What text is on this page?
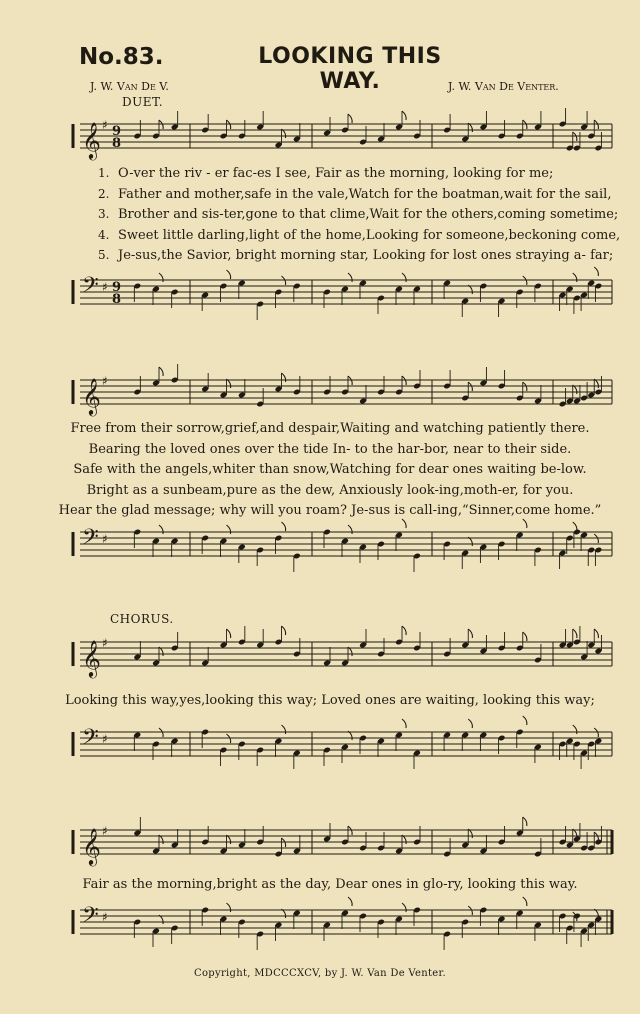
No.83.	LOOKING THIS WAY.
J. W. Van De V.	J. W. Van De Venter.
DUET.
𝄞 ♯ 9
8
1. O-ver the riv - er fac-es I see, Fair as the morning, looking for me;
2. Father and mother,safe in the vale,Watch for the boatman,wait for the sail,
3. Brother and sis-ter,gone to that clime,Wait for the others,coming sometime;
4. Sweet little darling,light of the home,Looking for someone,beckoning come,
5. Je-sus,the Savior, bright morning star, Looking for lost ones straying a- far;
𝄢 ♯ 9
8
𝄞 ♯
Free from their sorrow,grief,and despair,Waiting and watching patiently there.
Bearing the loved ones over the tide In- to the har-bor, near to their side.
Safe with the angels,whiter than snow,Watching for dear ones waiting be-low.
Bright as a sunbeam,pure as the dew, Anxiously look-ing,moth-er, for you.
Hear the glad message; why will you roam? Je-sus is call-ing,“Sinner,come home.”
𝄢 ♯
CHORUS.
𝄞 ♯
Looking this way,yes,looking this way; Loved ones are waiting, looking this way;
𝄢 ♯
𝄞 ♯
Fair as the morning,bright as the day, Dear ones in glo-ry, looking this way.
𝄢 ♯
Copyright, MDCCCXCV, by J. W. Van De Venter.
